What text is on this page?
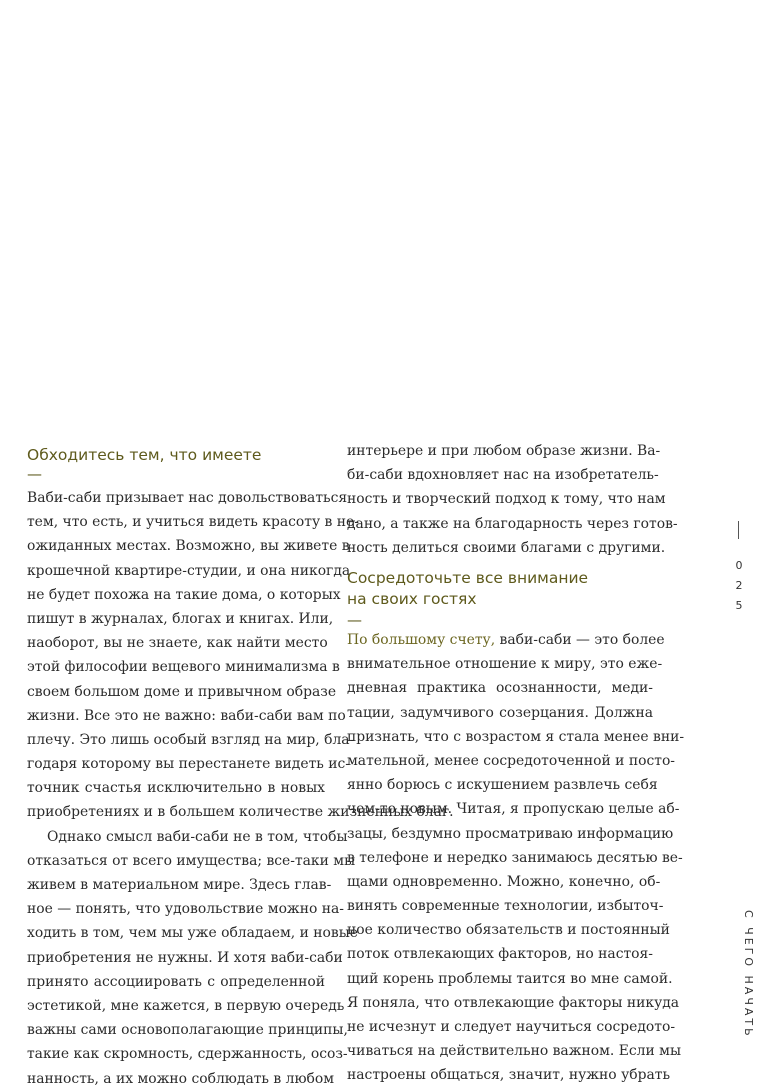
Обходитесь тем, что имеете
—
Ваби-саби призывает нас довольствоваться
тем, что есть, и учиться видеть красоту в не-
ожиданных местах. Возможно, вы живете в
крошечной квартире-студии, и она никогда
не будет похожа на такие дома, о которых
пишут в журналах, блогах и книгах. Или,
наоборот, вы не знаете, как найти место
этой философии вещевого минимализма в
своем большом доме и привычном образе
жизни. Все это не важно: ваби-саби вам по
плечу. Это лишь особый взгляд на мир, бла-
годаря которому вы перестанете видеть ис-
точник счастья исключительно в новых
приобретениях и в большем количестве жизненных благ.
Однако смысл ваби-саби не в том, чтобы
отказаться от всего имущества; все-таки мы
живем в материальном мире. Здесь глав-
ное — понять, что удовольствие можно на-
ходить в том, чем мы уже обладаем, и новые
приобретения не нужны. И хотя ваби-саби
принято ассоциировать с определенной
эстетикой, мне кажется, в первую очередь
важны сами основополагающие принципы,
такие как скромность, сдержанность, осоз-
нанность, а их можно соблюдать в любом
интерьере и при любом образе жизни. Ва-
би-саби вдохновляет нас на изобретатель-
ность и творческий подход к тому, что нам
дано, а также на благодарность через готов-
ность делиться своими благами с другими.
Сосредоточьте все внимание
на своих гостях
—
По большому счету, ваби-саби — это более
внимательное отношение к миру, это еже-
дневная практика осознанности, меди-
тации, задумчивого созерцания. Должна
признать, что с возрастом я стала менее вни-
мательной, менее сосредоточенной и посто-
янно борюсь с искушением развлечь себя
чем-то новым. Читая, я пропускаю целые аб-
зацы, бездумно просматриваю информацию
в телефоне и нередко занимаюсь десятью ве-
щами одновременно. Можно, конечно, об-
винять современные технологии, избыточ-
ное количество обязательств и постоянный
поток отвлекающих факторов, но настоя-
щий корень проблемы таится во мне самой.
Я поняла, что отвлекающие факторы никуда
не исчезнут и следует научиться сосредото-
чиваться на действительно важном. Если мы
настроены общаться, значит, нужно убрать
0
2
5
С ЧЕГО НАЧАТЬ
